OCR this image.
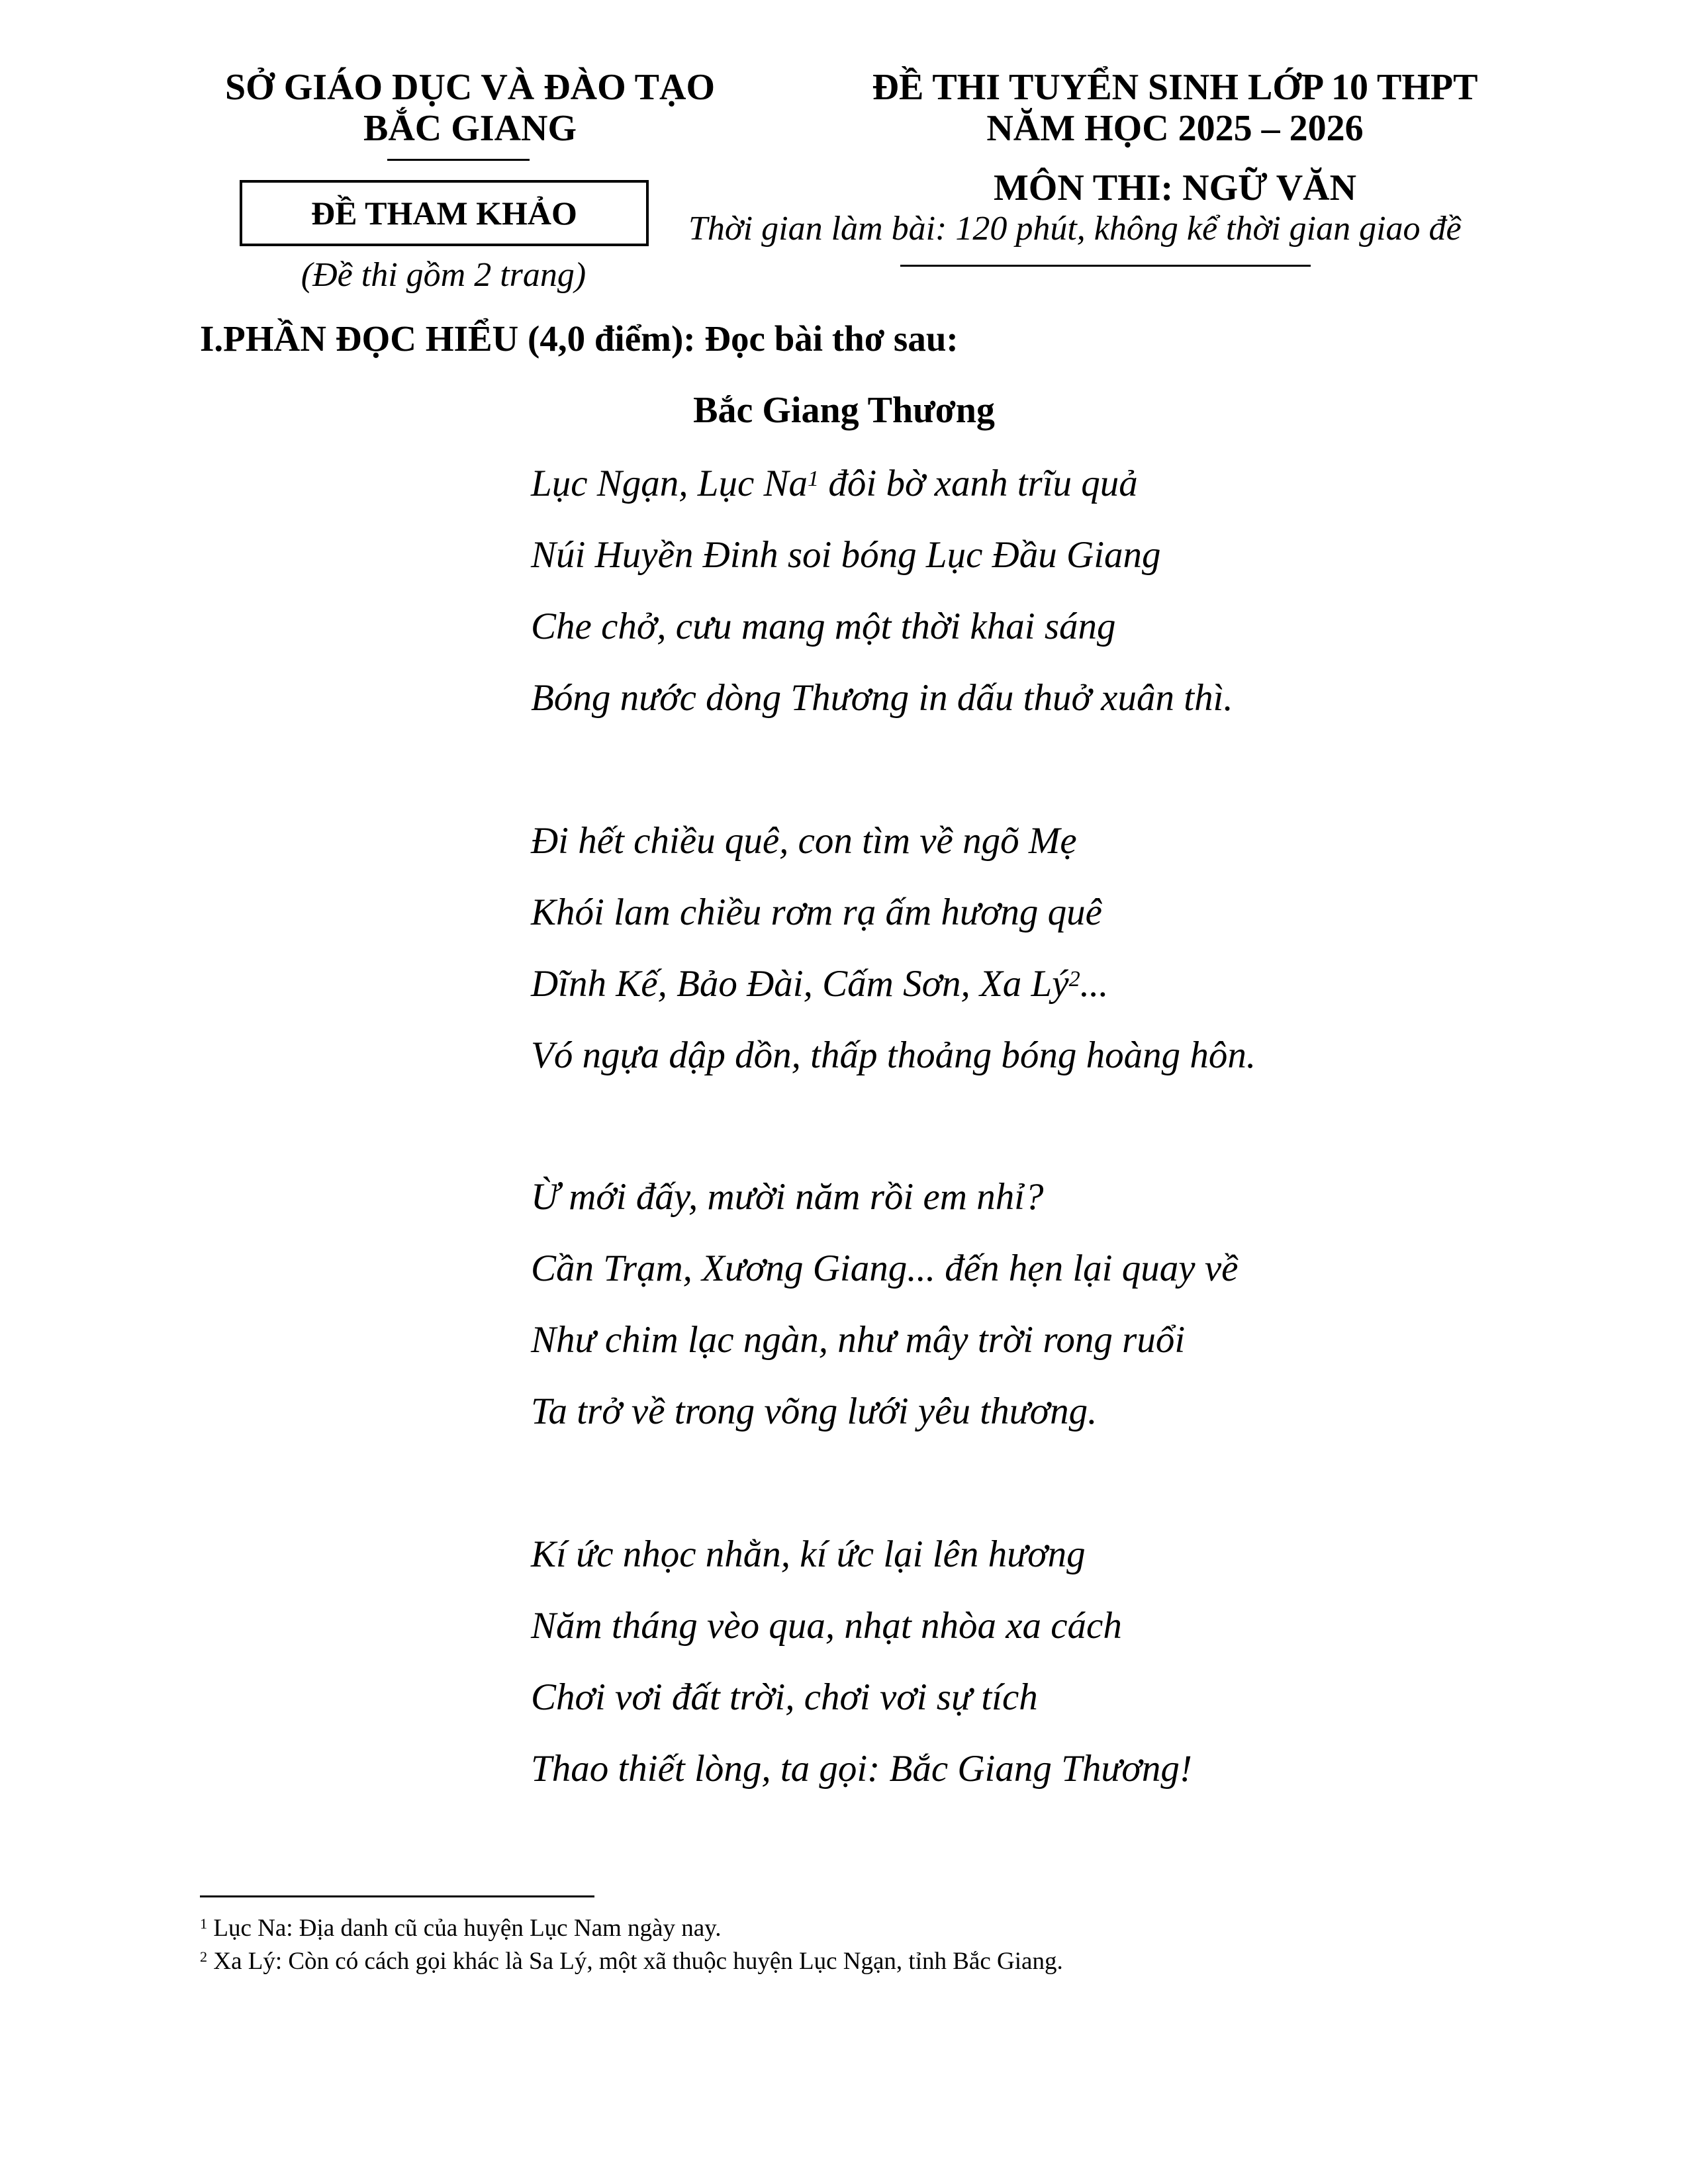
SỞ GIÁO DỤC VÀ ĐÀO TẠO
BẮC GIANG
ĐỀ THI TUYỂN SINH LỚP 10 THPT
NĂM HỌC 2025 – 2026
MÔN THI: NGỮ VĂN
Thời gian làm bài: 120 phút, không kể thời gian giao đề
ĐỀ THAM KHẢO
(Đề thi gồm 2 trang)
I.PHẦN ĐỌC HIỂU (4,0 điểm): Đọc bài thơ sau:
Bắc Giang Thương
Lục Ngạn, Lục Na$^1$ đôi bờ xanh trĩu quả
Núi Huyền Đinh soi bóng Lục Đầu Giang
Che chở, cưu mang một thời khai sáng
Bóng nước dòng Thương in dấu thuở xuân thì.
Đi hết chiều quê, con tìm về ngõ Mẹ
Khói lam chiều rơm rạ ấm hương quê
Dĩnh Kế, Bảo Đài, Cấm Sơn, Xa $Lý^2$...
Vó ngựa dập dồn, thấp thoảng bóng hoàng hôn.
Ừ mới đấy, mười năm rồi em nhỉ?
Cần Trạm, Xương Giang... đến hẹn lại quay về
Như chim lạc ngàn, như mây trời rong ruổi
Ta trở về trong võng lưới yêu thương.
Kí ức nhọc nhằn, kí ức lại lên hương
Năm tháng vèo qua, nhạt nhòa xa cách
Chơi vơi đất trời, chơi vơi sự tích
Thao thiết lòng, ta gọi: Bắc Giang Thương!
$^1$ Lục Na: Địa danh cũ của huyện Lục Nam ngày nay.
$^2$ Xa Lý: Còn có cách gọi khác là Sa Lý, một xã thuộc huyện Lục Ngạn, tỉnh Bắc Giang.
